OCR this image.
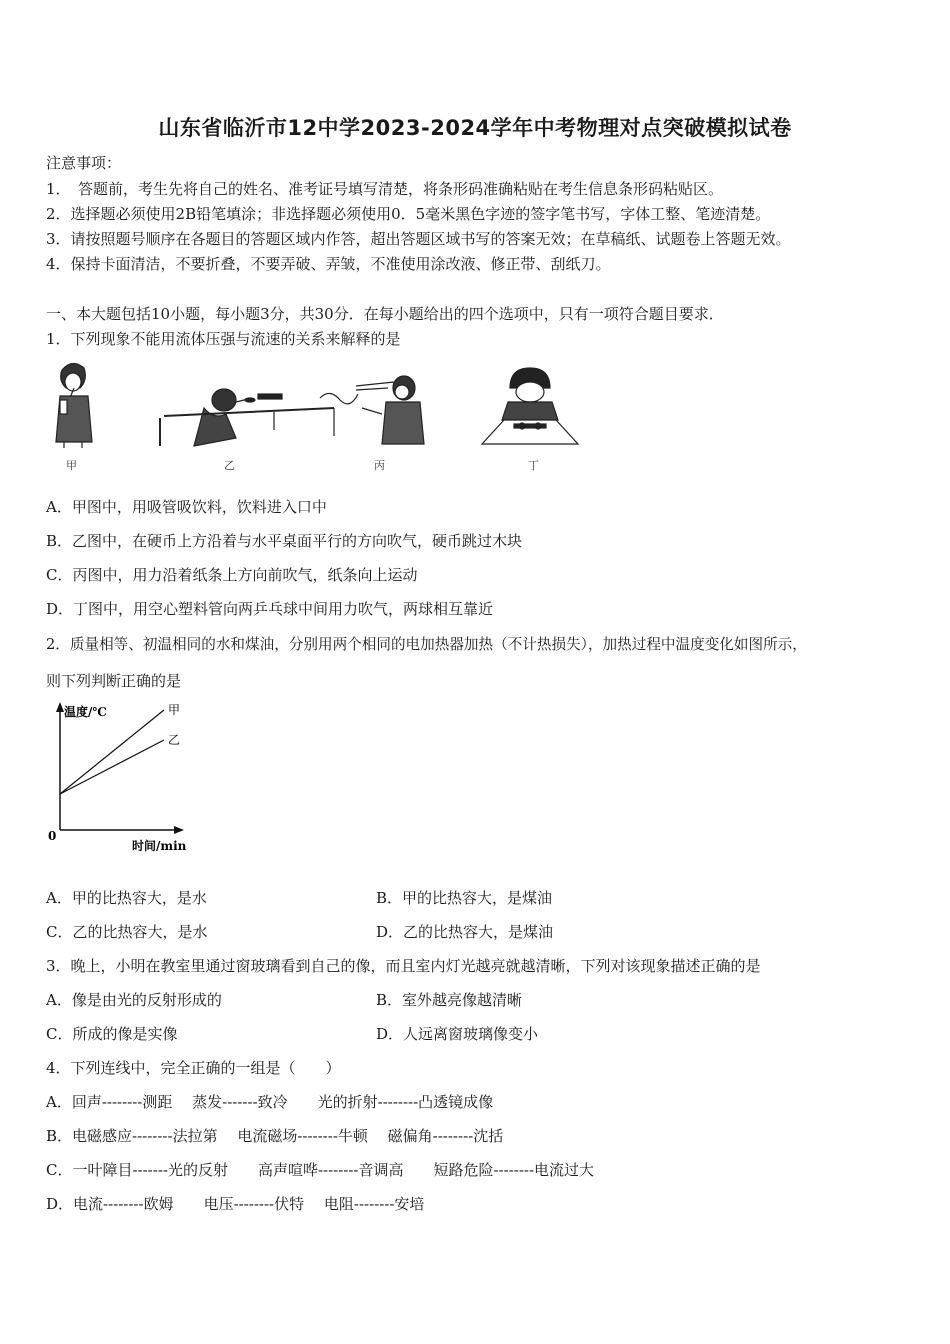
山东省临沂市12中学2023-2024学年中考物理对点突破模拟试卷
注意事项：
1．　答题前，考生先将自己的姓名、准考证号填写清楚，将条形码准确粘贴在考生信息条形码粘贴区。
2．选择题必须使用2B铅笔填涂；非选择题必须使用0．5毫米黑色字迹的签字笔书写，字体工整、笔迹清楚。
3．请按照题号顺序在各题目的答题区域内作答，超出答题区域书写的答案无效；在草稿纸、试题卷上答题无效。
4．保持卡面清洁，不要折叠，不要弄破、弄皱，不准使用涂改液、修正带、刮纸刀。
一、本大题包括10小题，每小题3分，共30分．在每小题给出的四个选项中，只有一项符合题目要求．
1．下列现象不能用流体压强与流速的关系来解释的是
甲	乙	丙	丁
A．甲图中，用吸管吸饮料，饮料进入口中
B．乙图中，在硬币上方沿着与水平桌面平行的方向吹气，硬币跳过木块
C．丙图中，用力沿着纸条上方向前吹气，纸条向上运动
D．丁图中，用空心塑料管向两乒乓球中间用力吹气，两球相互靠近
2．质量相等、初温相同的水和煤油，分别用两个相同的电加热器加热（不计热损失），加热过程中温度变化如图所示，
则下列判断正确的是
温度/℃
时间/min
0
甲
乙
A．甲的比热容大，是水	B．甲的比热容大，是煤油
C．乙的比热容大，是水	D．乙的比热容大，是煤油
3．晚上，小明在教室里通过窗玻璃看到自己的像，而且室内灯光越亮就越清晰，下列对该现象描述正确的是
A．像是由光的反射形成的	B．室外越亮像越清晰
C．所成的像是实像	D．人远离窗玻璃像变小
4．下列连线中，完全正确的一组是（　　）
A．回声--------测距　 蒸发-------致冷　　光的折射--------凸透镜成像
B．电磁感应--------法拉第　 电流磁场--------牛顿　 磁偏角--------沈括
C．一叶障目-------光的反射　　高声喧哗--------音调高　　短路危险--------电流过大
D．电流--------欧姆　　电压--------伏特　 电阻--------安培
